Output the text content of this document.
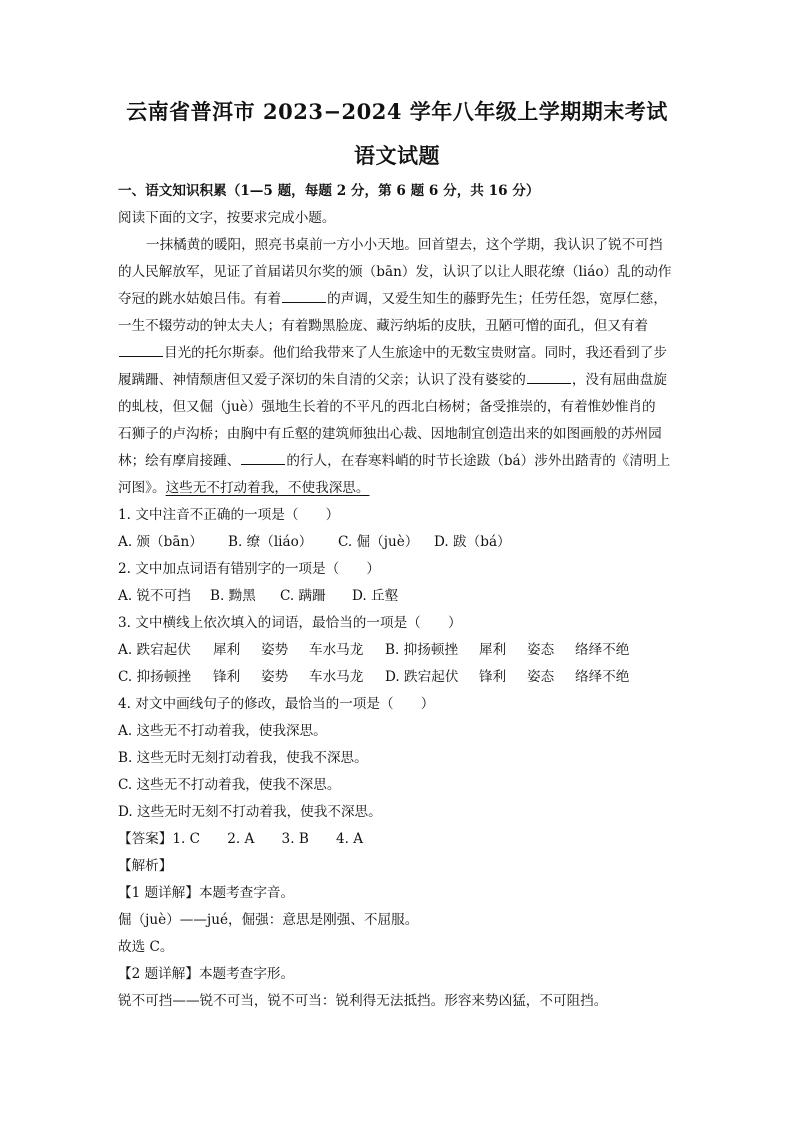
云南省普洱市 2023−2024 学年八年级上学期期末考试
语文试题
一、语文知识积累（1—5 题，每题 2 分，第 6 题 6 分，共 16 分）
阅读下面的文字，按要求完成小题。
一抹橘黄的暖阳，照亮书桌前一方小小天地。回首望去，这个学期，我认识了锐不可挡
的人民解放军，见证了首届诺贝尔奖的颁（bān）发，认识了以让人眼花缭（liáo）乱的动作
夺冠的跳水姑娘吕伟。有着	的声调，又爱生知生的藤野先生；任劳任怨，宽厚仁慈，
一生不辍劳动的钟太夫人；有着黝黑脸庞、藏污纳垢的皮肤，丑陋可憎的面孔，但又有着
目光的托尔斯泰。他们给我带来了人生旅途中的无数宝贵财富。同时，我还看到了步
履蹒跚、神情颓唐但又爱子深切的朱自清的父亲；认识了没有婆娑的	，没有屈曲盘旋
的虬枝，但又倔（juè）强地生长着的不平凡的西北白杨树；备受推崇的，有着惟妙惟肖的
石狮子的卢沟桥；由胸中有丘壑的建筑师独出心裁、因地制宜创造出来的如图画般的苏州园
林；绘有摩肩接踵、	的行人，在春寒料峭的时节长途跋（bá）涉外出踏青的《清明上
河图》。这些无不打动着我，不使我深思。
1. 文中注音不正确的一项是（　　）
A. 颁（bān） B. 缭（liáo） C. 倔（juè） D. 跋（bá）
2. 文中加点词语有错别字的一项是（　　）
A. 锐不可挡 B. 黝黑 C. 蹒跚 D. 丘壑
3. 文中横线上依次填入的词语，最恰当的一项是（　　）
A. 跌宕起伏 犀利 姿势 车水马龙 B. 抑扬顿挫 犀利 姿态 络绎不绝
C. 抑扬顿挫 锋利 姿势 车水马龙 D. 跌宕起伏 锋利 姿态 络绎不绝
4. 对文中画线句子的修改，最恰当的一项是（　　）
A. 这些无不打动着我，使我深思。
B. 这些无时无刻打动着我，使我不深思。
C. 这些无不打动着我，使我不深思。
D. 这些无时无刻不打动着我，使我不深思。
【答案】1. C　　2. A　　3. B　　4. A
【解析】
【1 题详解】本题考查字音。
倔（juè）——jué，倔强：意思是刚强、不屈服。
故选 C。
【2 题详解】本题考查字形。
锐不可挡——锐不可当，锐不可当：锐利得无法抵挡。形容来势凶猛，不可阻挡。
